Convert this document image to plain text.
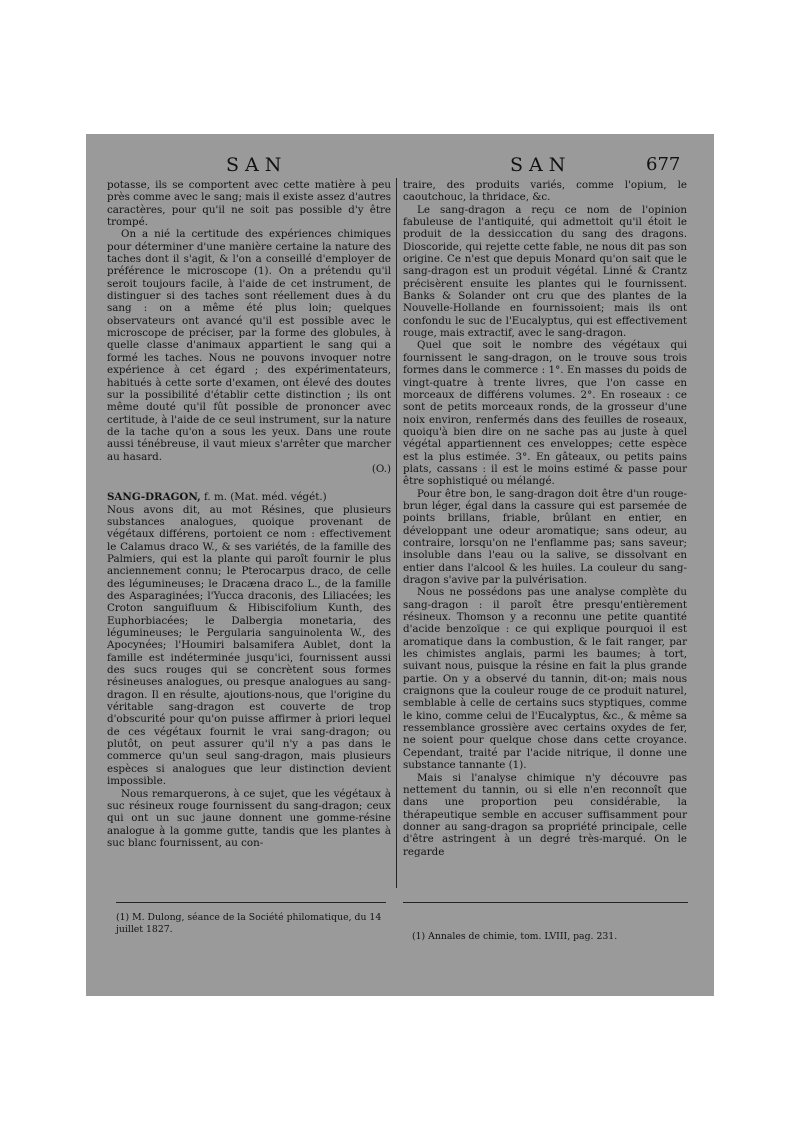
SAN	SAN	677

potasse, ils se comportent avec cette matière à peu près comme avec le sang; mais il existe assez d'autres caractères, pour qu'il ne soit pas possible d'y être trompé.

On a nié la certitude des expériences chimiques pour déterminer d'une manière certaine la nature des taches dont il s'agit, & l'on a conseillé d'employer de préférence le microscope (1). On a prétendu qu'il seroit toujours facile, à l'aide de cet instrument, de distinguer si des taches sont réellement dues à du sang : on a même été plus loin; quelques observateurs ont avancé qu'il est possible avec le microscope de préciser, par la forme des globules, à quelle classe d'animaux appartient le sang qui a formé les taches. Nous ne pouvons invoquer notre expérience à cet égard ; des expérimentateurs, habitués à cette sorte d'examen, ont élevé des doutes sur la possibilité d'établir cette distinction ; ils ont même douté qu'il fût possible de prononcer avec certitude, à l'aide de ce seul instrument, sur la nature de la tache qu'on a sous les yeux. Dans une route aussi ténébreuse, il vaut mieux s'arrêter que marcher au hasard.

(O.)

SANG-DRAGON, f. m. (Mat. méd. végét.)

Nous avons dit, au mot Résines, que plusieurs substances analogues, quoique provenant de végétaux différens, portoient ce nom : effectivement le Calamus draco W., & ses variétés, de la famille des Palmiers, qui est la plante qui paroît fournir le plus anciennement connu; le Pterocarpus draco, de celle des légumineuses; le Dracæna draco L., de la famille des Asparaginées; l'Yucca draconis, des Liliacées; les Croton sanguifluum & Hibiscifolium Kunth, des Euphorbiacées; le Dalbergia monetaria, des légumineuses; le Pergularia sanguinolenta W., des Apocynées; l'Houmiri balsamifera Aublet, dont la famille est indéterminée jusqu'ici, fournissent aussi des sucs rouges qui se concrètent sous formes résineuses analogues, ou presque analogues au sang-dragon. Il en résulte, ajoutions-nous, que l'origine du véritable sang-dragon est couverte de trop d'obscurité pour qu'on puisse affirmer à priori lequel de ces végétaux fournit le vrai sang-dragon; ou plutôt, on peut assurer qu'il n'y a pas dans le commerce qu'un seul sang-dragon, mais plusieurs espèces si analogues que leur distinction devient impossible.

Nous remarquerons, à ce sujet, que les végétaux à suc résineux rouge fournissent du sang-dragon; ceux qui ont un suc jaune donnent une gomme-résine analogue à la gomme gutte, tandis que les plantes à suc blanc fournissent, au con-

traire, des produits variés, comme l'opium, le caoutchouc, la thridace, &c.

Le sang-dragon a reçu ce nom de l'opinion fabuleuse de l'antiquité, qui admettoit qu'il étoit le produit de la dessiccation du sang des dragons. Dioscoride, qui rejette cette fable, ne nous dit pas son origine. Ce n'est que depuis Monard qu'on sait que le sang-dragon est un produit végétal. Linné & Crantz précisèrent ensuite les plantes qui le fournissent. Banks & Solander ont cru que des plantes de la Nouvelle-Hollande en fournissoient; mais ils ont confondu le suc de l'Eucalyptus, qui est effectivement rouge, mais extractif, avec le sang-dragon.

Quel que soit le nombre des végétaux qui fournissent le sang-dragon, on le trouve sous trois formes dans le commerce : 1°. En masses du poids de vingt-quatre à trente livres, que l'on casse en morceaux de différens volumes. 2°. En roseaux : ce sont de petits morceaux ronds, de la grosseur d'une noix environ, renfermés dans des feuilles de roseaux, quoiqu'à bien dire on ne sache pas au juste à quel végétal appartiennent ces enveloppes; cette espèce est la plus estimée. 3°. En gâteaux, ou petits pains plats, cassans : il est le moins estimé & passe pour être sophistiqué ou mélangé.

Pour être bon, le sang-dragon doit être d'un rouge-brun léger, égal dans la cassure qui est parsemée de points brillans, friable, brûlant en entier, en développant une odeur aromatique; sans odeur, au contraire, lorsqu'on ne l'enflamme pas; sans saveur; insoluble dans l'eau ou la salive, se dissolvant en entier dans l'alcool & les huiles. La couleur du sang-dragon s'avive par la pulvérisation.

Nous ne possédons pas une analyse complète du sang-dragon : il paroît être presqu'entièrement résineux. Thomson y a reconnu une petite quantité d'acide benzoïque : ce qui explique pourquoi il est aromatique dans la combustion, & le fait ranger, par les chimistes anglais, parmi les baumes; à tort, suivant nous, puisque la résine en fait la plus grande partie. On y a observé du tannin, dit-on; mais nous craignons que la couleur rouge de ce produit naturel, semblable à celle de certains sucs styptiques, comme le kino, comme celui de l'Eucalyptus, &c., & même sa ressemblance grossière avec certains oxydes de fer, ne soient pour quelque chose dans cette croyance. Cependant, traité par l'acide nitrique, il donne une substance tannante (1).

Mais si l'analyse chimique n'y découvre pas nettement du tannin, ou si elle n'en reconnoît que dans une proportion peu considérable, la thérapeutique semble en accuser suffisamment pour donner au sang-dragon sa propriété principale, celle d'être astringent à un degré très-marqué. On le regarde

(1) M. Dulong, séance de la Société philomatique, du 14 juillet 1827.
(1) Annales de chimie, tom. LVIII, pag. 231.
